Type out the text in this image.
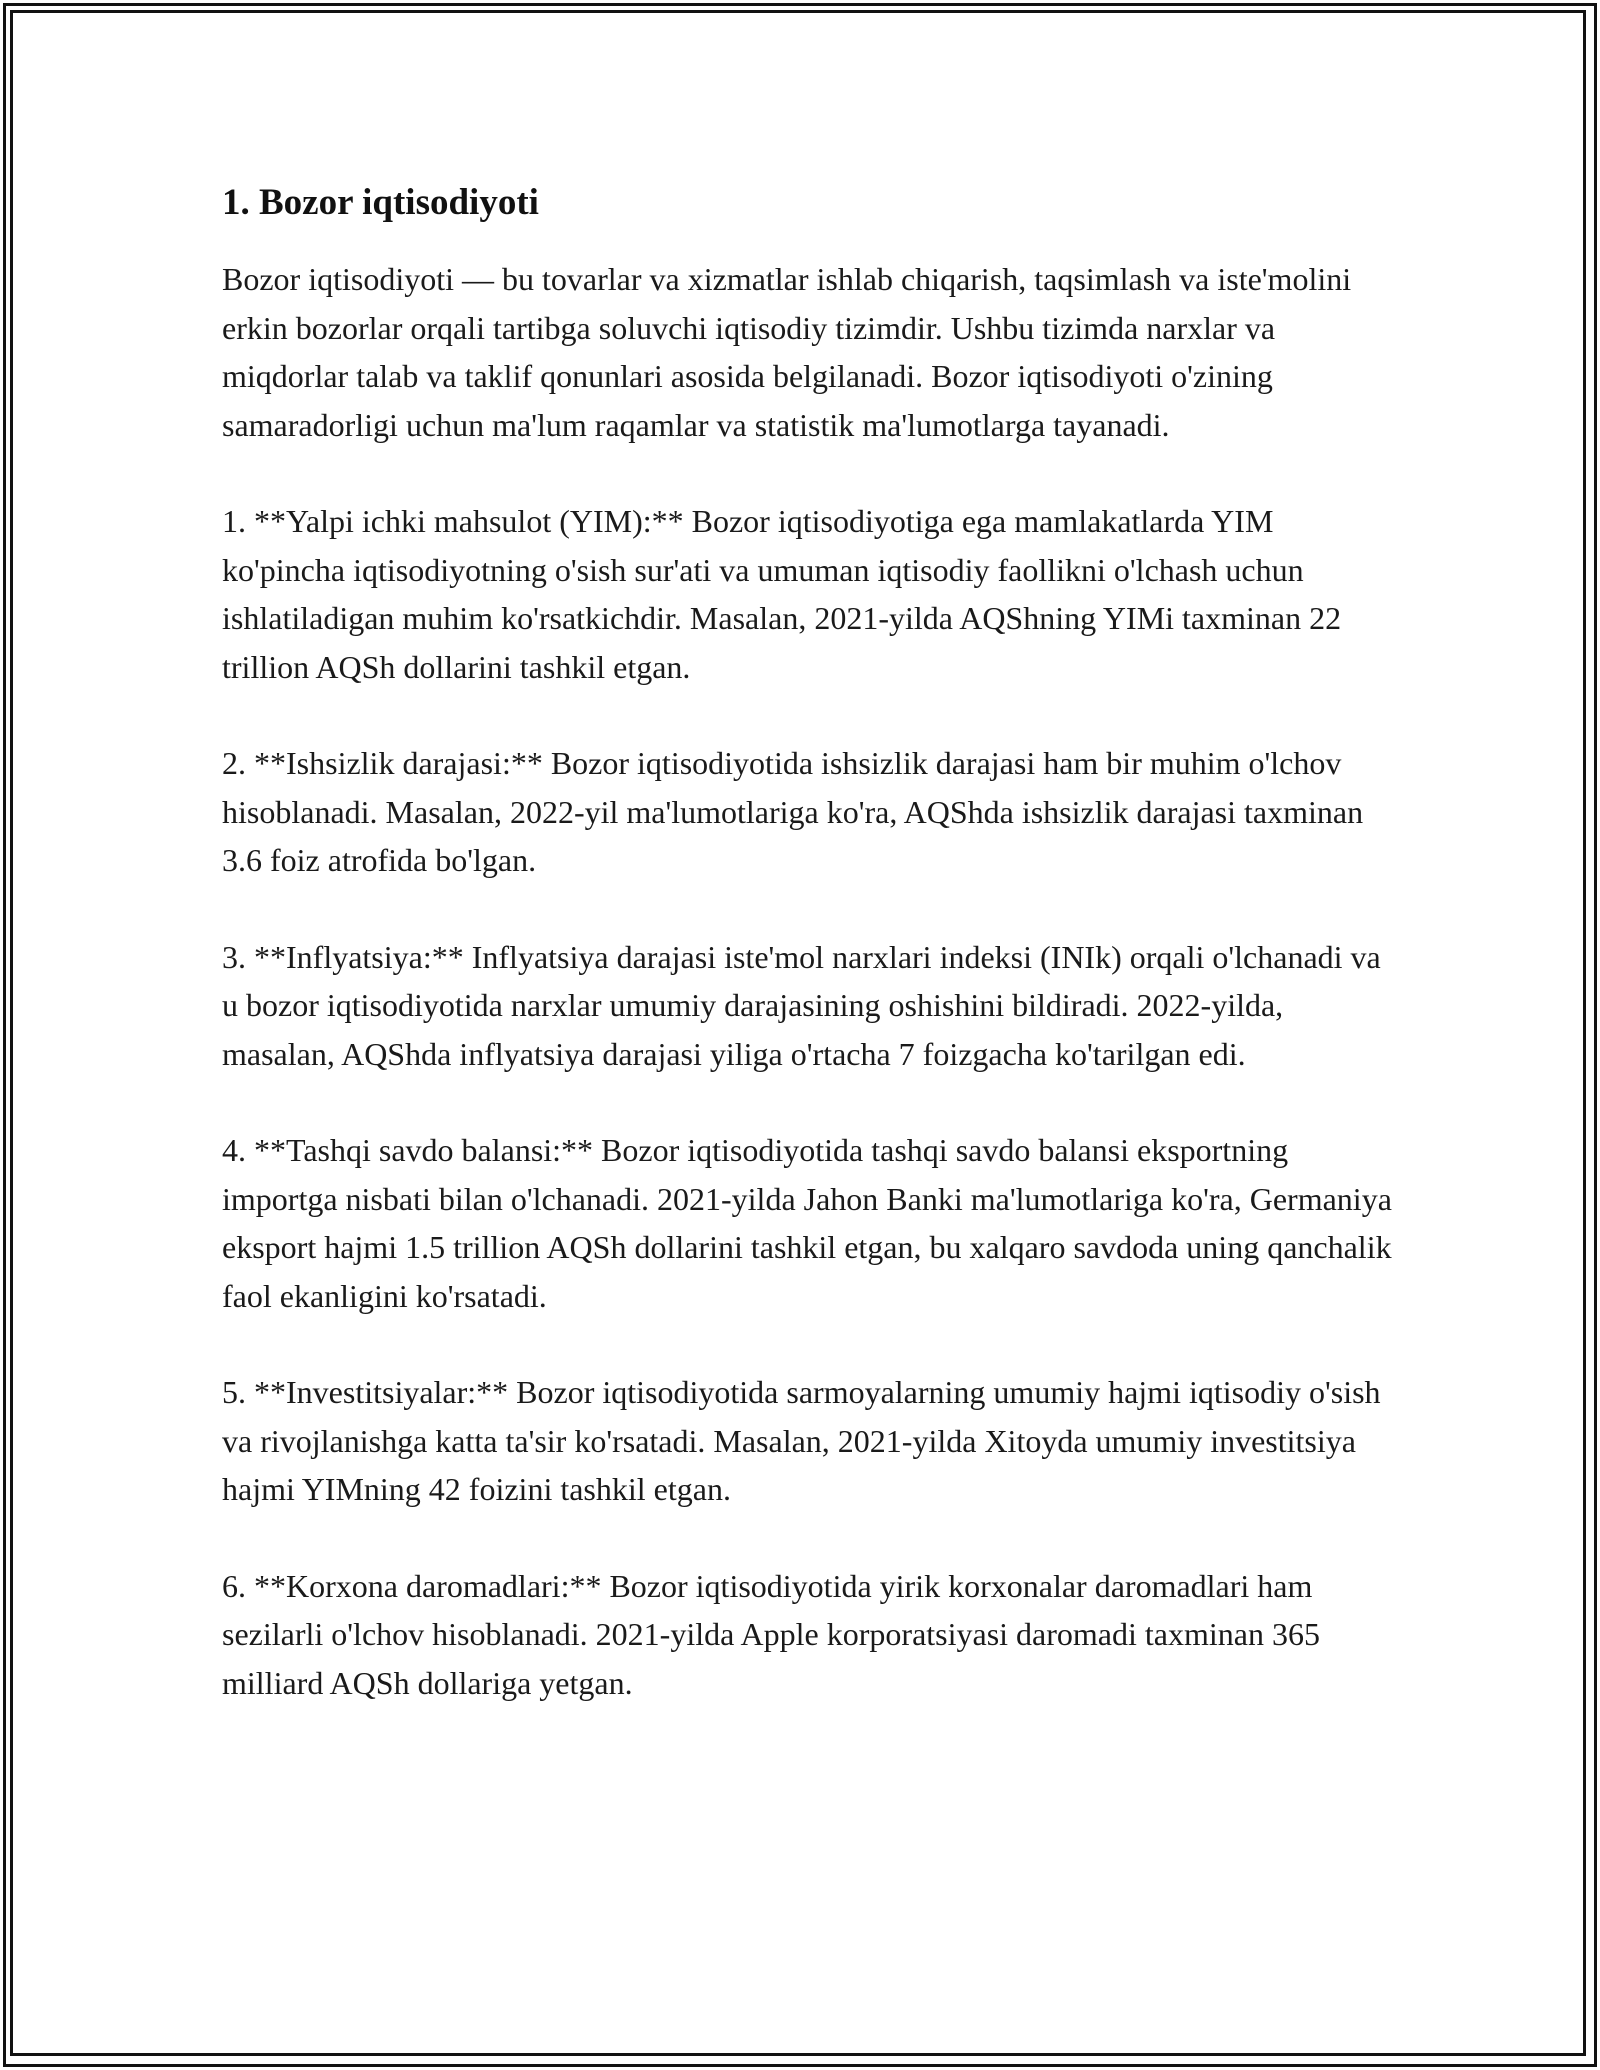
1. Bozor iqtisodiyoti

Bozor iqtisodiyoti — bu tovarlar va xizmatlar ishlab chiqarish, taqsimlash va iste'molini erkin bozorlar orqali tartibga soluvchi iqtisodiy tizimdir. Ushbu tizimda narxlar va miqdorlar talab va taklif qonunlari asosida belgilanadi. Bozor iqtisodiyoti o'zining samaradorligi uchun ma'lum raqamlar va statistik ma'lumotlarga tayanadi.

1. **Yalpi ichki mahsulot (YIM):** Bozor iqtisodiyotiga ega mamlakatlarda YIM ko'pincha iqtisodiyotning o'sish sur'ati va umuman iqtisodiy faollikni o'lchash uchun ishlatiladigan muhim ko'rsatkichdir. Masalan, 2021-yilda AQShning YIMi taxminan 22 trillion AQSh dollarini tashkil etgan.

2. **Ishsizlik darajasi:** Bozor iqtisodiyotida ishsizlik darajasi ham bir muhim o'lchov hisoblanadi. Masalan, 2022-yil ma'lumotlariga ko'ra, AQShda ishsizlik darajasi taxminan 3.6 foiz atrofida bo'lgan.

3. **Inflyatsiya:** Inflyatsiya darajasi iste'mol narxlari indeksi (INIk) orqali o'lchanadi va u bozor iqtisodiyotida narxlar umumiy darajasining oshishini bildiradi. 2022-yilda, masalan, AQShda inflyatsiya darajasi yiliga o'rtacha 7 foizgacha ko'tarilgan edi.

4. **Tashqi savdo balansi:** Bozor iqtisodiyotida tashqi savdo balansi eksportning importga nisbati bilan o'lchanadi. 2021-yilda Jahon Banki ma'lumotlariga ko'ra, Germaniya eksport hajmi 1.5 trillion AQSh dollarini tashkil etgan, bu xalqaro savdoda uning qanchalik faol ekanligini ko'rsatadi.

5. **Investitsiyalar:** Bozor iqtisodiyotida sarmoyalarning umumiy hajmi iqtisodiy o'sish va rivojlanishga katta ta'sir ko'rsatadi. Masalan, 2021-yilda Xitoyda umumiy investitsiya hajmi YIMning 42 foizini tashkil etgan.

6. **Korxona daromadlari:** Bozor iqtisodiyotida yirik korxonalar daromadlari ham sezilarli o'lchov hisoblanadi. 2021-yilda Apple korporatsiyasi daromadi taxminan 365 milliard AQSh dollariga yetgan.
